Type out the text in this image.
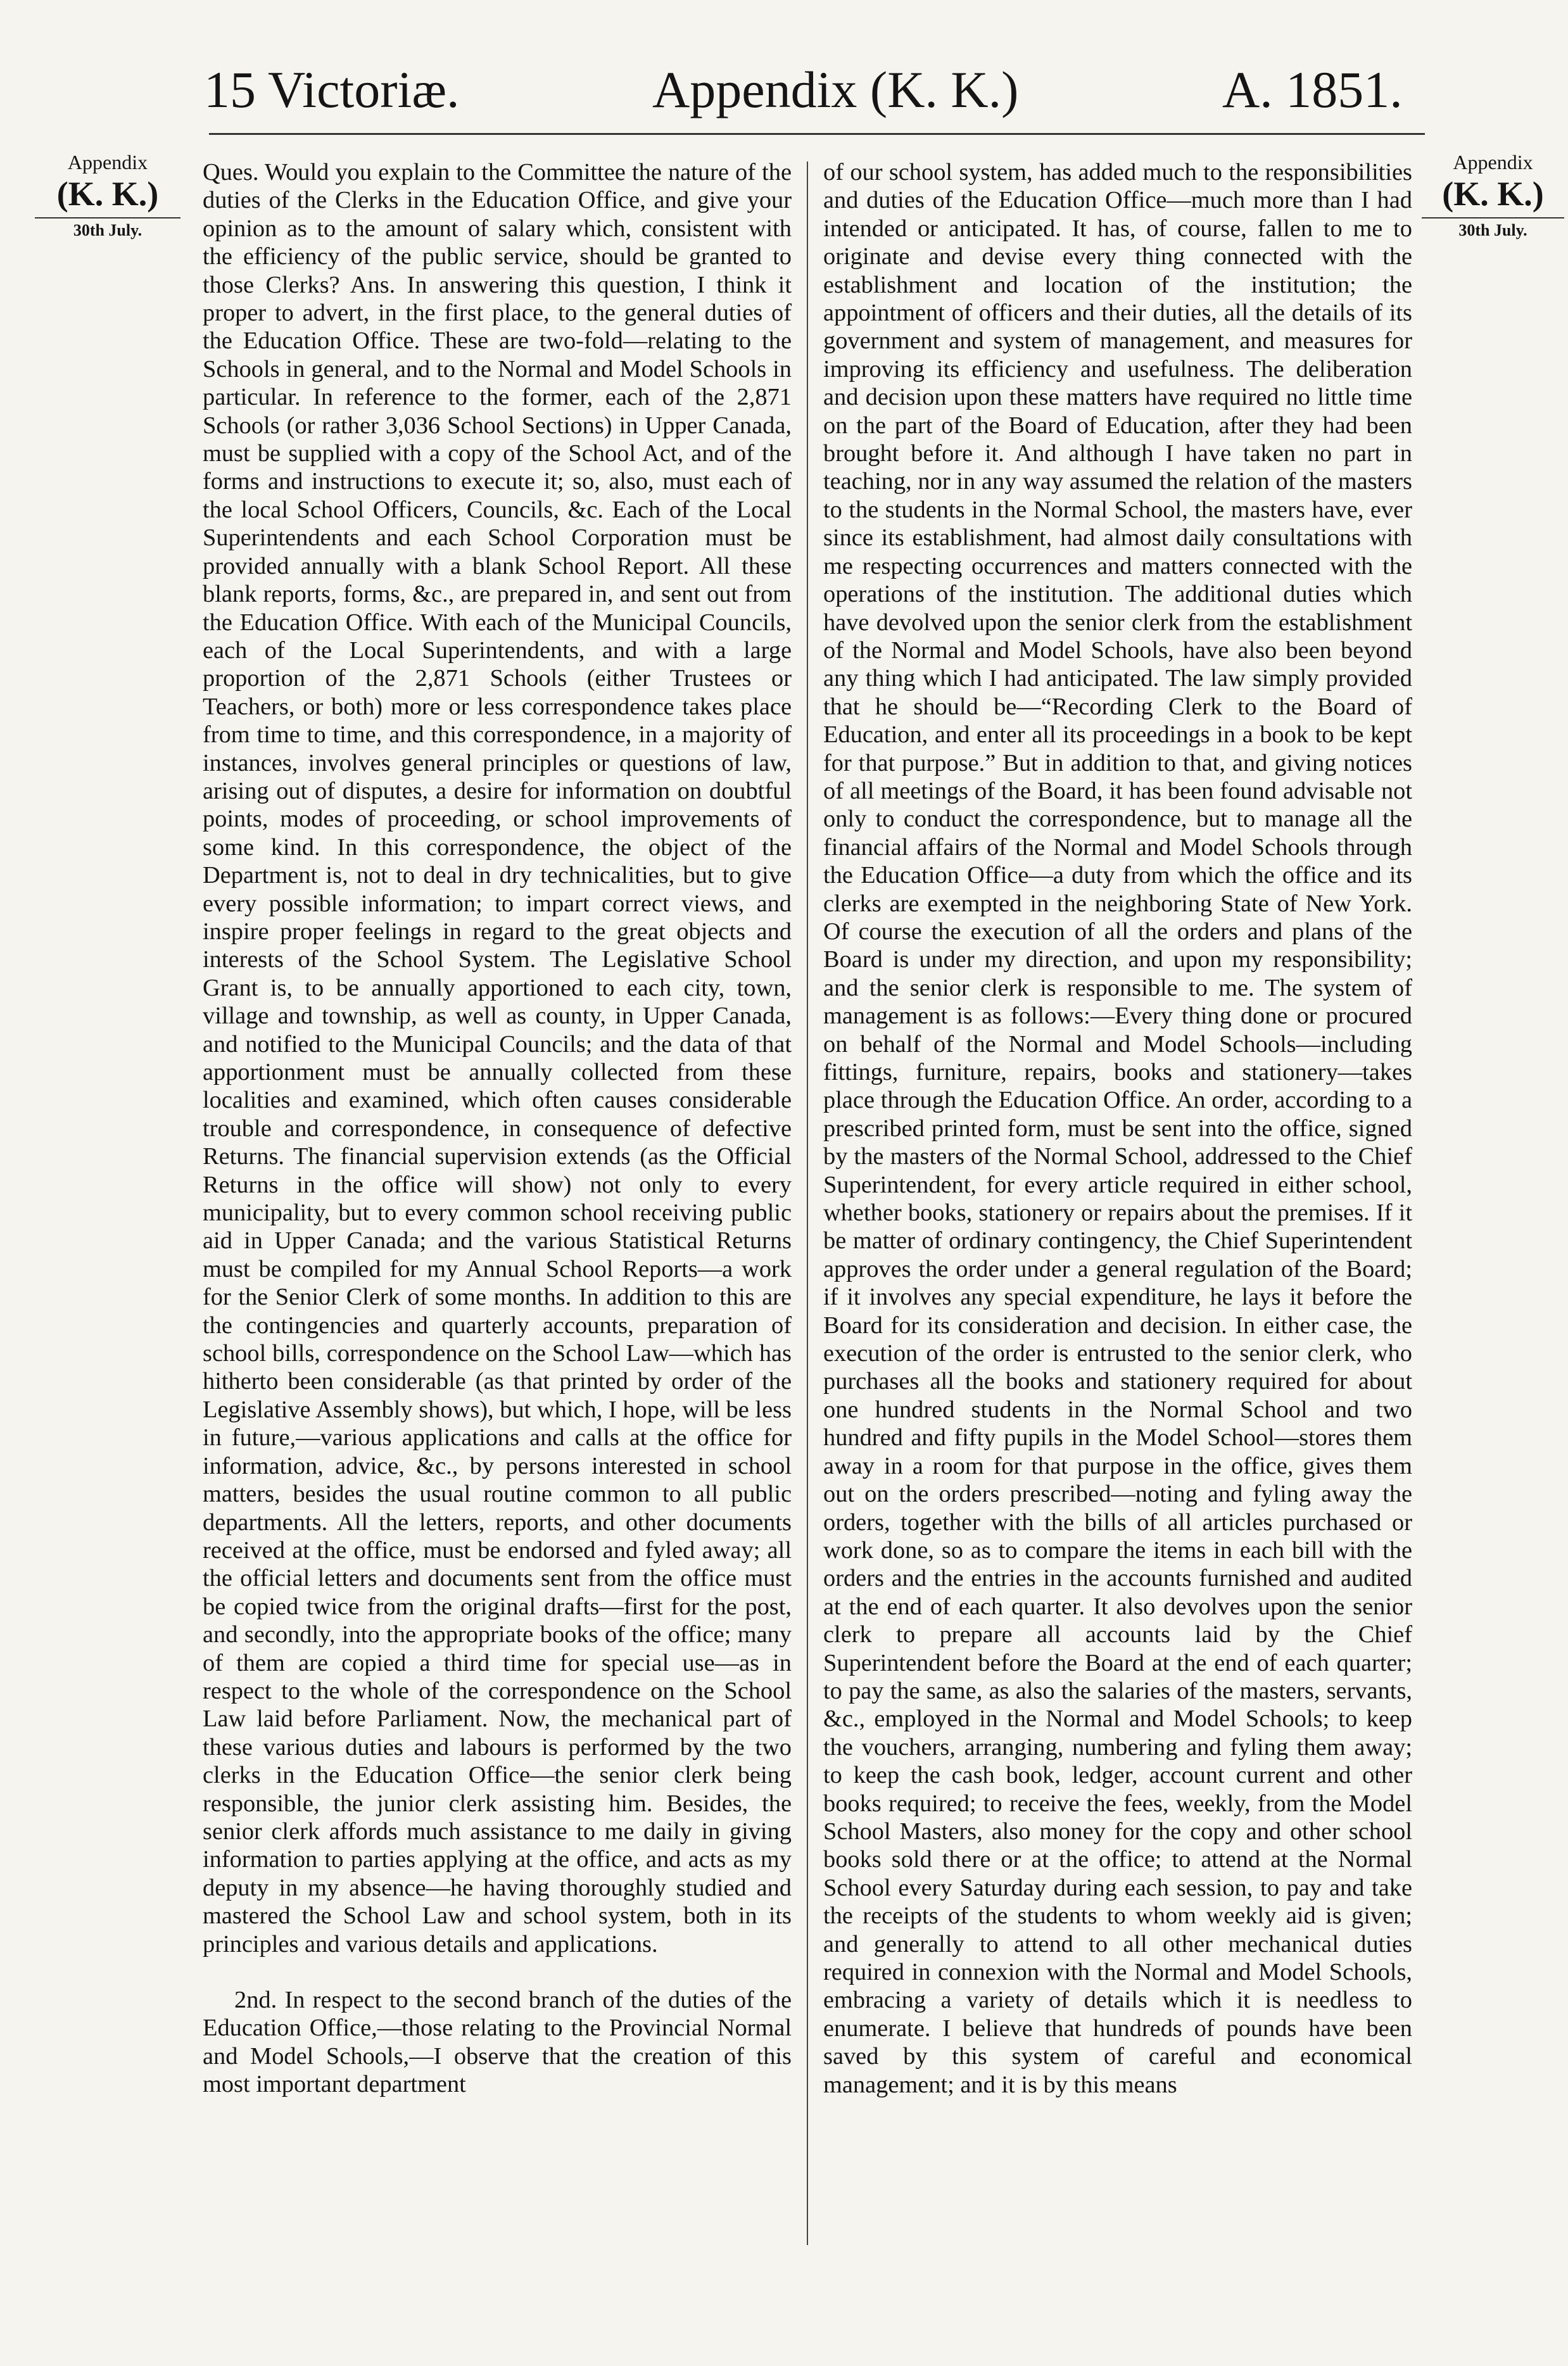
15 Victoriæ.	Appendix (K. K.)	A. 1851.
Appendix
(K. K.)
30th July.
Appendix
(K. K.)
30th July.

Ques. Would you explain to the Committee the nature of the duties of the Clerks in the Education Office, and give your opinion as to the amount of salary which, consistent with the efficiency of the public service, should be granted to those Clerks? Ans. In answering this question, I think it proper to advert, in the first place, to the general duties of the Education Office. These are two-fold—relating to the Schools in general, and to the Normal and Model Schools in particular. In reference to the former, each of the 2,871 Schools (or rather 3,036 School Sections) in Upper Canada, must be supplied with a copy of the School Act, and of the forms and instructions to execute it; so, also, must each of the local School Officers, Councils, &c. Each of the Local Superintendents and each School Corporation must be provided annually with a blank School Report. All these blank reports, forms, &c., are prepared in, and sent out from the Education Office. With each of the Municipal Councils, each of the Local Superintendents, and with a large proportion of the 2,871 Schools (either Trustees or Teachers, or both) more or less correspondence takes place from time to time, and this correspondence, in a majority of instances, involves general principles or questions of law, arising out of disputes, a desire for information on doubtful points, modes of proceeding, or school improvements of some kind. In this correspondence, the object of the Department is, not to deal in dry technicalities, but to give every possible information; to impart correct views, and inspire proper feelings in regard to the great objects and interests of the School System. The Legislative School Grant is, to be annually apportioned to each city, town, village and township, as well as county, in Upper Canada, and notified to the Municipal Councils; and the data of that apportionment must be annually collected from these localities and examined, which often causes considerable trouble and correspondence, in consequence of defective Returns. The financial supervision extends (as the Official Returns in the office will show) not only to every municipality, but to every common school receiving public aid in Upper Canada; and the various Statistical Returns must be compiled for my Annual School Reports—a work for the Senior Clerk of some months. In addition to this are the contingencies and quarterly accounts, preparation of school bills, correspondence on the School Law—which has hitherto been considerable (as that printed by order of the Legislative Assembly shows), but which, I hope, will be less in future,—various applications and calls at the office for information, advice, &c., by persons interested in school matters, besides the usual routine common to all public departments. All the letters, reports, and other documents received at the office, must be endorsed and fyled away; all the official letters and documents sent from the office must be copied twice from the original drafts—first for the post, and secondly, into the appropriate books of the office; many of them are copied a third time for special use—as in respect to the whole of the correspondence on the School Law laid before Parliament. Now, the mechanical part of these various duties and labours is performed by the two clerks in the Education Office—the senior clerk being responsible, the junior clerk assisting him. Besides, the senior clerk affords much assistance to me daily in giving information to parties applying at the office, and acts as my deputy in my absence—he having thoroughly studied and mastered the School Law and school system, both in its principles and various details and applications.

2nd. In respect to the second branch of the duties of the Education Office,—those relating to the Provincial Normal and Model Schools,—I observe that the creation of this most important department

of our school system, has added much to the responsibilities and duties of the Education Office—much more than I had intended or anticipated. It has, of course, fallen to me to originate and devise every thing connected with the establishment and location of the institution; the appointment of officers and their duties, all the details of its government and system of management, and measures for improving its efficiency and usefulness. The deliberation and decision upon these matters have required no little time on the part of the Board of Education, after they had been brought before it. And although I have taken no part in teaching, nor in any way assumed the relation of the masters to the students in the Normal School, the masters have, ever since its establishment, had almost daily consultations with me respecting occurrences and matters connected with the operations of the institution. The additional duties which have devolved upon the senior clerk from the establishment of the Normal and Model Schools, have also been beyond any thing which I had anticipated. The law simply provided that he should be—“Recording Clerk to the Board of Education, and enter all its proceedings in a book to be kept for that purpose.” But in addition to that, and giving notices of all meetings of the Board, it has been found advisable not only to conduct the correspondence, but to manage all the financial affairs of the Normal and Model Schools through the Education Office—a duty from which the office and its clerks are exempted in the neighboring State of New York. Of course the execution of all the orders and plans of the Board is under my direction, and upon my responsibility; and the senior clerk is responsible to me. The system of management is as follows:—Every thing done or procured on behalf of the Normal and Model Schools—including fittings, furniture, repairs, books and stationery—takes place through the Education Office. An order, according to a prescribed printed form, must be sent into the office, signed by the masters of the Normal School, addressed to the Chief Superintendent, for every article required in either school, whether books, stationery or repairs about the premises. If it be matter of ordinary contingency, the Chief Superintendent approves the order under a general regulation of the Board; if it involves any special expenditure, he lays it before the Board for its consideration and decision. In either case, the execution of the order is entrusted to the senior clerk, who purchases all the books and stationery required for about one hundred students in the Normal School and two hundred and fifty pupils in the Model School—stores them away in a room for that purpose in the office, gives them out on the orders prescribed—noting and fyling away the orders, together with the bills of all articles purchased or work done, so as to compare the items in each bill with the orders and the entries in the accounts furnished and audited at the end of each quarter. It also devolves upon the senior clerk to prepare all accounts laid by the Chief Superintendent before the Board at the end of each quarter; to pay the same, as also the salaries of the masters, servants, &c., employed in the Normal and Model Schools; to keep the vouchers, arranging, numbering and fyling them away; to keep the cash book, ledger, account current and other books required; to receive the fees, weekly, from the Model School Masters, also money for the copy and other school books sold there or at the office; to attend at the Normal School every Saturday during each session, to pay and take the receipts of the students to whom weekly aid is given; and generally to attend to all other mechanical duties required in connexion with the Normal and Model Schools, embracing a variety of details which it is needless to enumerate. I believe that hundreds of pounds have been saved by this system of careful and economical management; and it is by this means
